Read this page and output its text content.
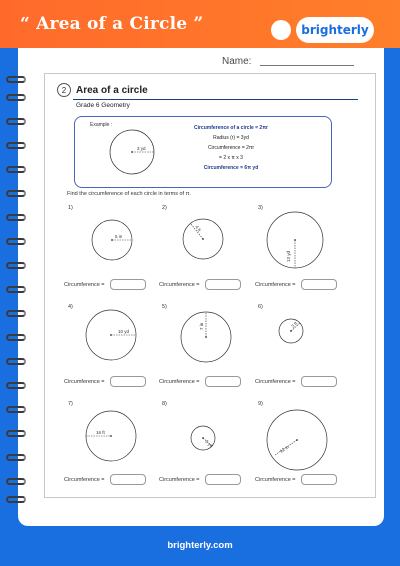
“ Area of a Circle ”	brighterly
Name:
2 Area of a circle
Grade 6 Geometry
Example :	Circumference of a circle = 2πr
Radius (r) = 3yd
Circumference = 2πr
= 2 x π x 3
Circumference = 6π yd
Find the circumference of each circle in terms of π.
1)	2)	3)
4)	5)	6)
7)	8)	9)
Circumference =	Circumference =	Circumference =
Circumference =	Circumference =	Circumference =
Circumference =	Circumference =	Circumference =
3 yd
5 in
4 ft
13 yd
10 yd
7 in	3 ft
16 ft
5 yd
12 in
brighterly.com
